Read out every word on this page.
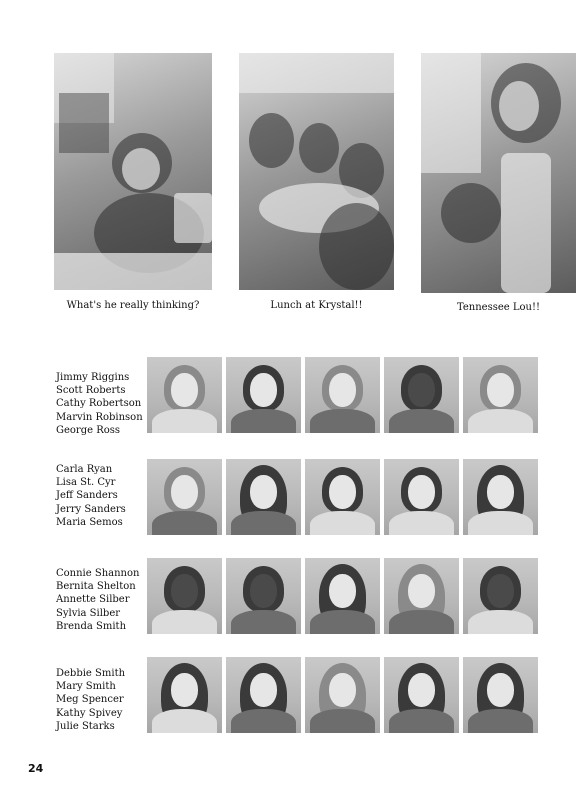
What's he really thinking?	Lunch at Krystal!!	Tennessee Lou!!
Jimmy Riggins
Scott Roberts
Cathy Robertson
Marvin Robinson
George Ross
Carla Ryan
Lisa St. Cyr
Jeff Sanders
Jerry Sanders
Maria Semos
Connie Shannon
Bernita Shelton
Annette Silber
Sylvia Silber
Brenda Smith
Debbie Smith
Mary Smith
Meg Spencer
Kathy Spivey
Julie Starks
24
